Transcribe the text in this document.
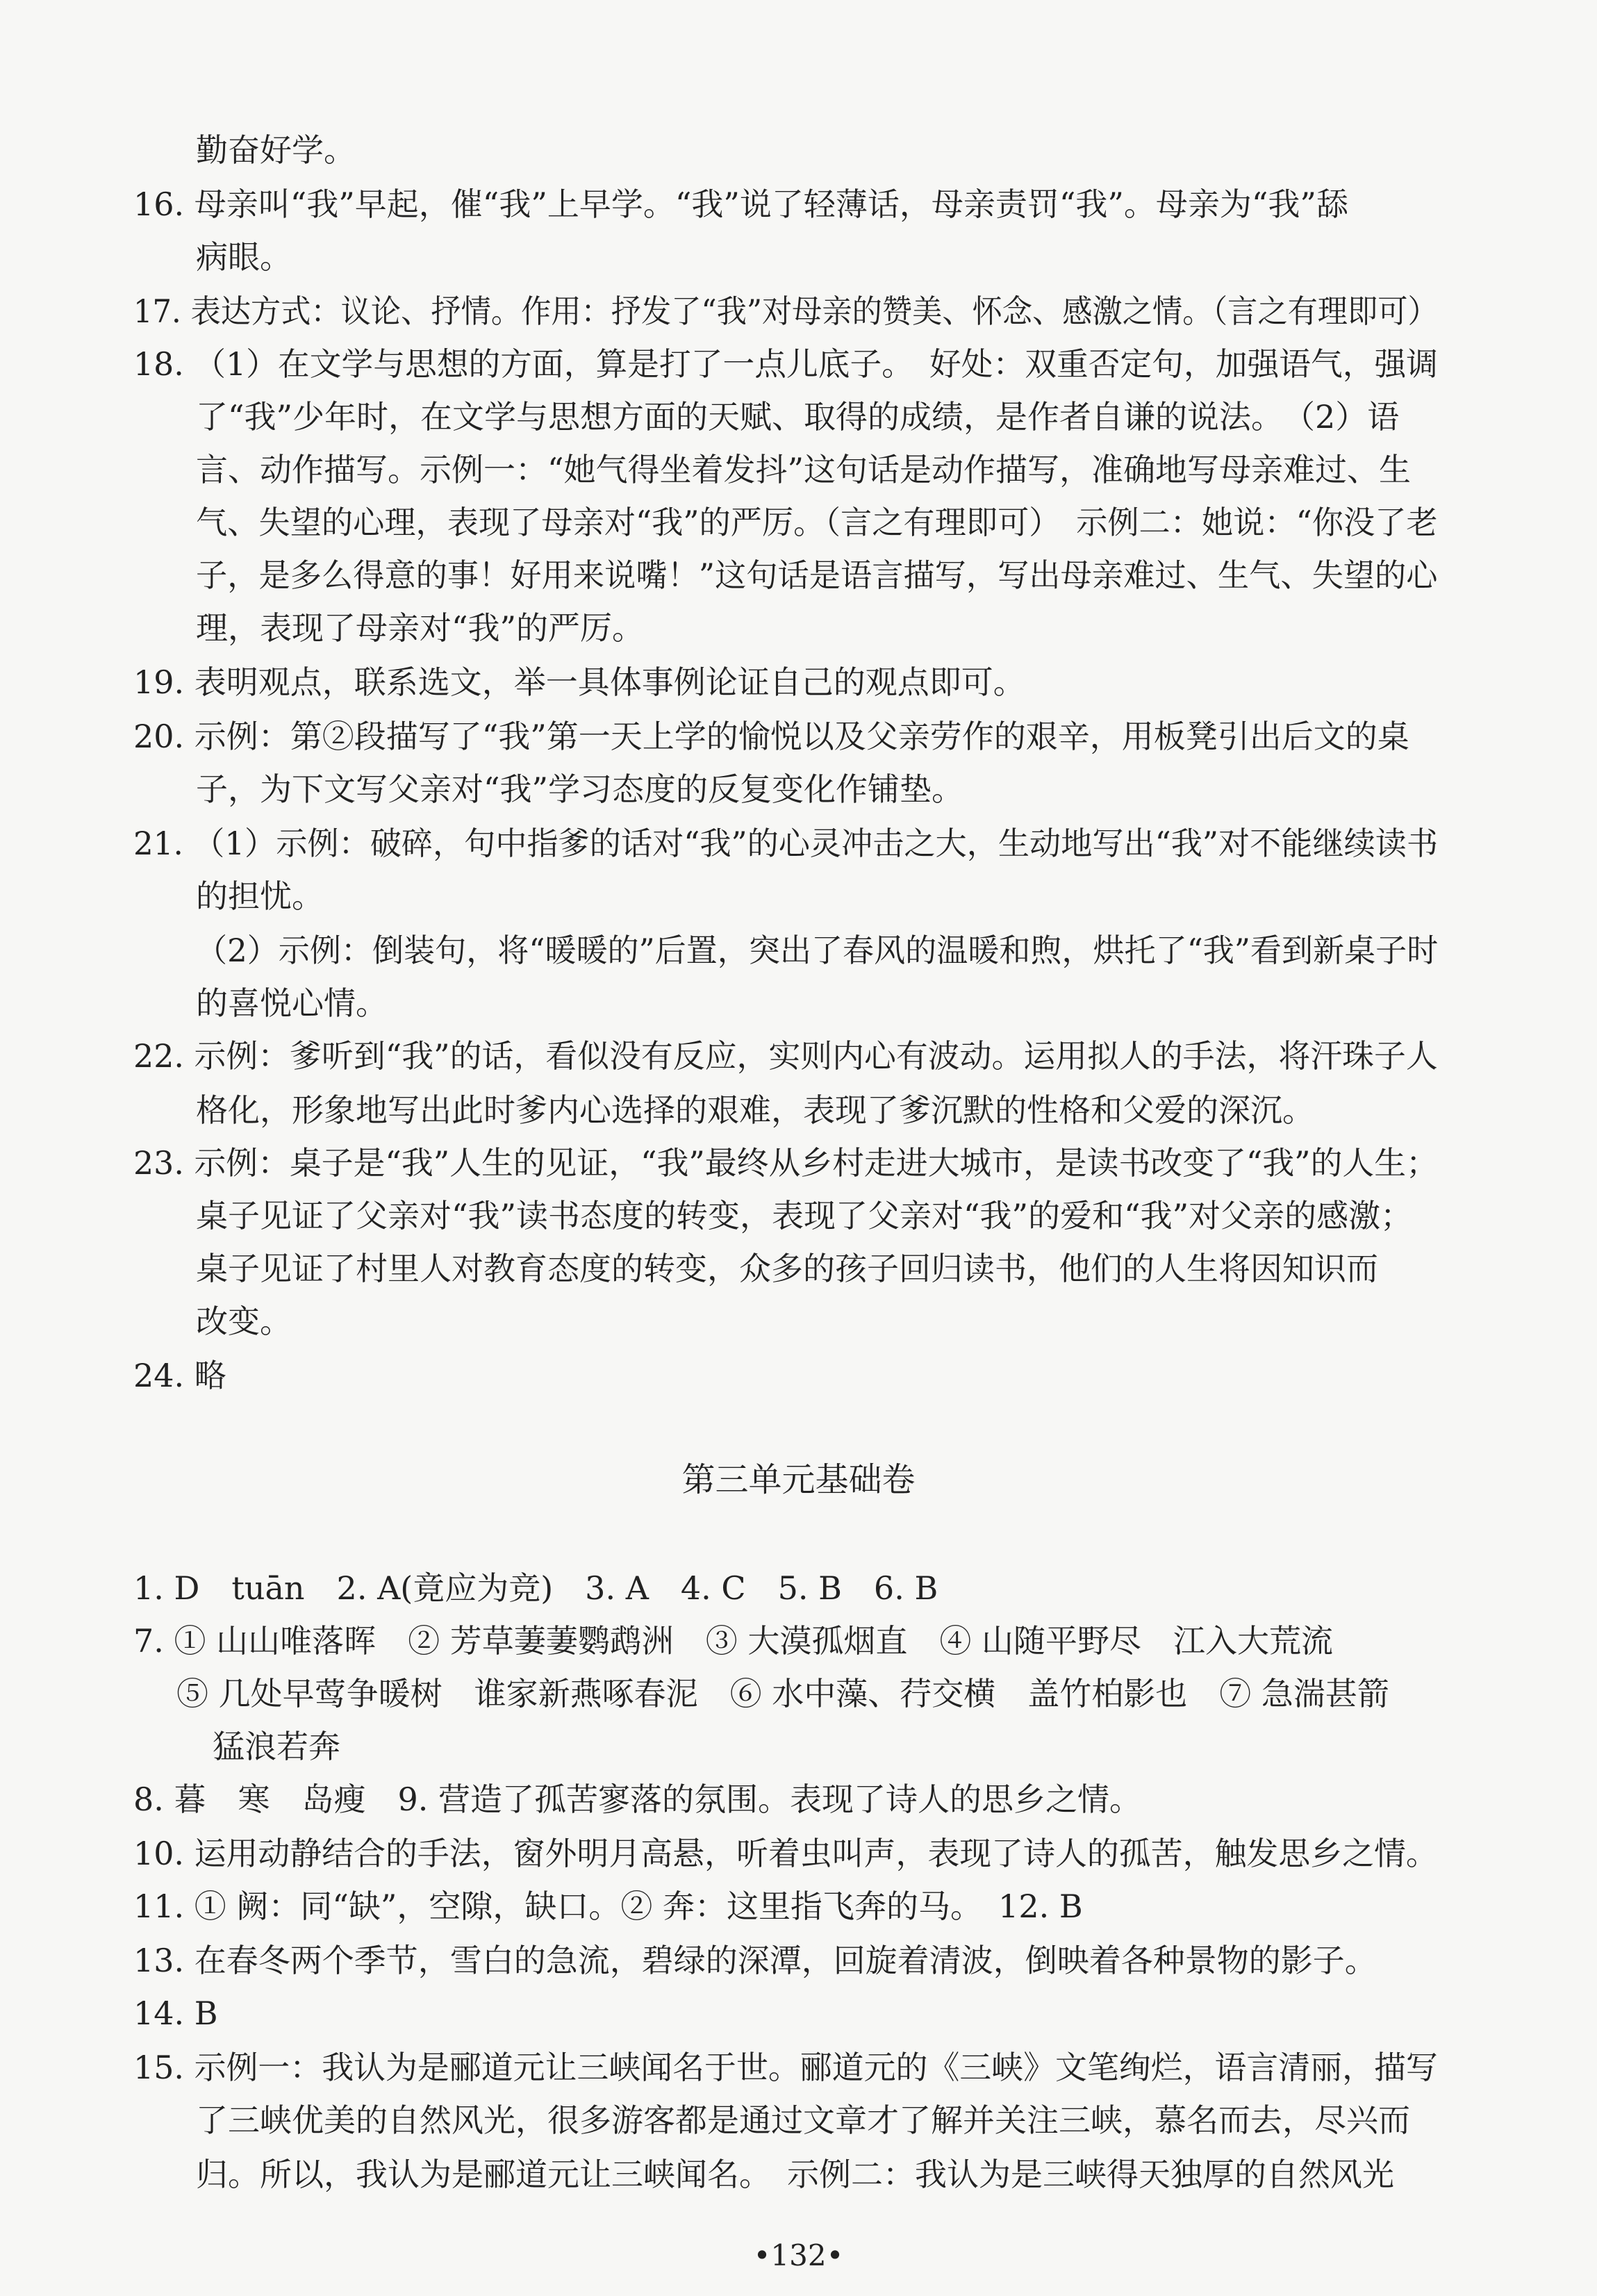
勤奋好学。
16. 母亲叫“我”早起，催“我”上早学。“我”说了轻薄话，母亲责罚“我”。母亲为“我”舔
病眼。
17. 表达方式：议论、抒情。作用：抒发了“我”对母亲的赞美、怀念、感激之情。（言之有理即可）
18. （1）在文学与思想的方面，算是打了一点儿底子。　好处：双重否定句，加强语气，强调
了“我”少年时，在文学与思想方面的天赋、取得的成绩，是作者自谦的说法。　（2）语
言、动作描写。示例一：“她气得坐着发抖”这句话是动作描写，准确地写母亲难过、生
气、失望的心理，表现了母亲对“我”的严厉。（言之有理即可）　示例二：她说：“你没了老
子，是多么得意的事！好用来说嘴！”这句话是语言描写，写出母亲难过、生气、失望的心
理，表现了母亲对“我”的严厉。
19. 表明观点，联系选文，举一具体事例论证自己的观点即可。
20. 示例：第②段描写了“我”第一天上学的愉悦以及父亲劳作的艰辛，用板凳引出后文的桌
子，为下文写父亲对“我”学习态度的反复变化作铺垫。
21. （1）示例：破碎，句中指爹的话对“我”的心灵冲击之大，生动地写出“我”对不能继续读书
的担忧。
（2）示例：倒装句，将“暖暖的”后置，突出了春风的温暖和煦，烘托了“我”看到新桌子时
的喜悦心情。
22. 示例：爹听到“我”的话，看似没有反应，实则内心有波动。运用拟人的手法，将汗珠子人
格化，形象地写出此时爹内心选择的艰难，表现了爹沉默的性格和父爱的深沉。
23. 示例：桌子是“我”人生的见证，“我”最终从乡村走进大城市，是读书改变了“我”的人生；
桌子见证了父亲对“我”读书态度的转变，表现了父亲对“我”的爱和“我”对父亲的感激；
桌子见证了村里人对教育态度的转变，众多的孩子回归读书，他们的人生将因知识而
改变。
24. 略
第三单元基础卷
1. D　tuān　2. A(竟应为竞)　3. A　4. C　5. B　6. B
7. ① 山山唯落晖　② 芳草萋萋鹦鹉洲　③ 大漠孤烟直　④ 山随平野尽　江入大荒流
⑤ 几处早莺争暖树　谁家新燕啄春泥　⑥ 水中藻、荇交横　盖竹柏影也　⑦ 急湍甚箭
猛浪若奔
8. 暮　寒　岛瘦　9. 营造了孤苦寥落的氛围。表现了诗人的思乡之情。
10. 运用动静结合的手法，窗外明月高悬，听着虫叫声，表现了诗人的孤苦，触发思乡之情。
11. ① 阙：同“缺”，空隙，缺口。② 奔：这里指飞奔的马。　12. B
13. 在春冬两个季节，雪白的急流，碧绿的深潭，回旋着清波，倒映着各种景物的影子。
14. B
15. 示例一：我认为是郦道元让三峡闻名于世。郦道元的《三峡》文笔绚烂，语言清丽，描写
了三峡优美的自然风光，很多游客都是通过文章才了解并关注三峡，慕名而去，尽兴而
归。所以，我认为是郦道元让三峡闻名。　示例二：我认为是三峡得天独厚的自然风光
•132•
